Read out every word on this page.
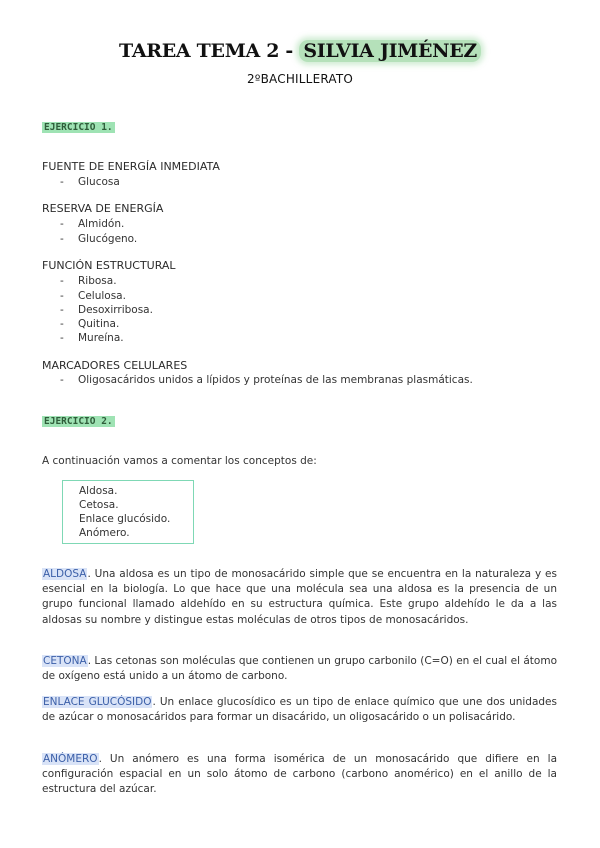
TAREA TEMA 2 - SILVIA JIMÉNEZ
2ºBACHILLERATO
EJERCICIO 1.
FUENTE DE ENERGÍA INMEDIATA
- Glucosa
RESERVA DE ENERGÍA
- Almidón.
- Glucógeno.
FUNCIÓN ESTRUCTURAL
- Ribosa.
- Celulosa.
- Desoxirribosa.
- Quitina.
- Mureína.
MARCADORES CELULARES
- Oligosacáridos unidos a lípidos y proteínas de las membranas plasmáticas.
EJERCICIO 2.
A continuación vamos a comentar los conceptos de:
Aldosa.
Cetosa.
Enlace glucósido.
Anómero.
ALDOSA. Una aldosa es un tipo de monosacárido simple que se encuentra en la naturaleza y es esencial en la biología. Lo que hace que una molécula sea una aldosa es la presencia de un grupo funcional llamado aldehído en su estructura química. Este grupo aldehído le da a las aldosas su nombre y distingue estas moléculas de otros tipos de monosacáridos.
CETONA. Las cetonas son moléculas que contienen un grupo carbonilo (C=O) en el cual el átomo de oxígeno está unido a un átomo de carbono.
ENLACE GLUCÓSIDO. Un enlace glucosídico es un tipo de enlace químico que une dos unidades de azúcar o monosacáridos para formar un disacárido, un oligosacárido o un polisacárido.
ANÓMERO. Un anómero es una forma isomérica de un monosacárido que difiere en la configuración espacial en un solo átomo de carbono (carbono anomérico) en el anillo de la estructura del azúcar.
